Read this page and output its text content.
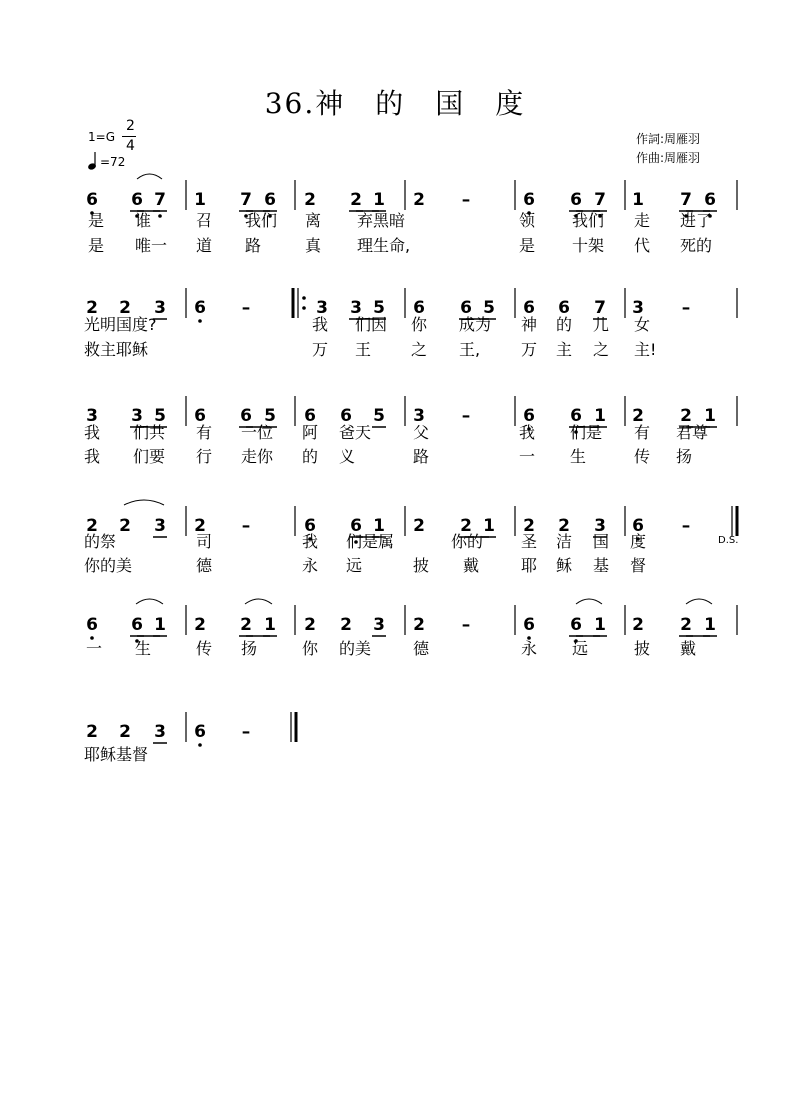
36.神　的　国　度
1=G
2
4
=72
作詞:周雁羽
作曲:周雁羽
D.S.
6 6 7 1 7 6 2 2 1 2 –	6 6 7 1 7 6
是 谁	召 我们 离 弃黑暗	领 我们 走 进了
是 唯一 道 路	真 理生命,	是 十架 代 死的
2 2 3 6 –	3 3 5 6 6 5 6 6 7 3 –
光明国度?	我 们因 你 成为 神 的 儿 女
救主耶稣	万 王 之 王,	万 主 之 主!
3 3 5 6 6 5 6 6 5 3 –	6 6 1 2 2 1
我 们共 有 一位 阿 爸天	父	我 们是 有 君尊
我 们要 行 走你 的 义	路	一 生	传 扬
2 2 3 2 –	6 6 1 2 2 1 2 2 3 6 –
的祭	司	我 们是属	你的 圣 洁 国 度
你的美	德	永 远	披 戴	耶 稣 基 督
6 6 1 2 2 1 2 2 3 2 –	6 6 1 2 2 1
一 生	传 扬	你 的美	德	永 远	披 戴
2 2 3 6 –
耶稣基督
